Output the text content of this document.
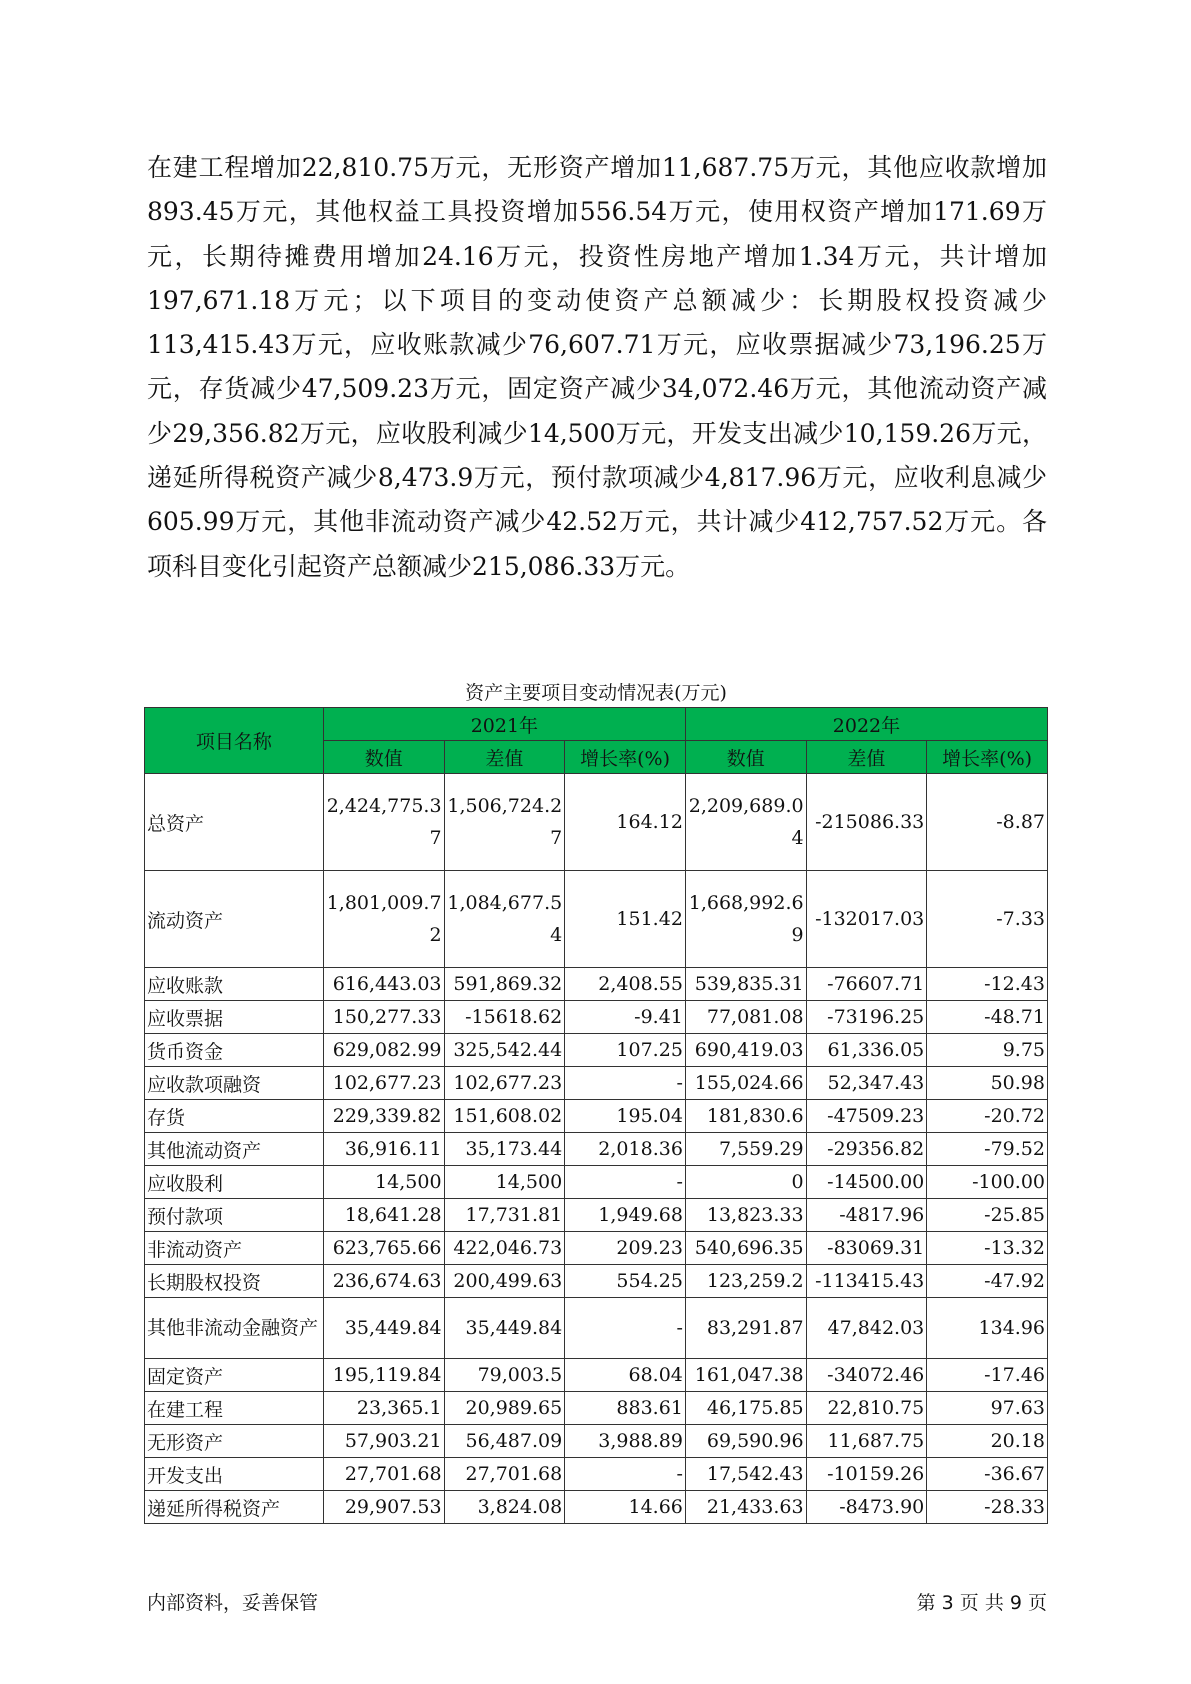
在建工程增加22,810.75万元，无形资产增加11,687.75万元，其他应收款增加893.45万元，其他权益工具投资增加556.54万元，使用权资产增加171.69万元，长期待摊费用增加24.16万元，投资性房地产增加1.34万元，共计增加197,671.18万元；以下项目的变动使资产总额减少：长期股权投资减少113,415.43万元，应收账款减少76,607.71万元，应收票据减少73,196.25万元，存货减少47,509.23万元，固定资产减少34,072.46万元，其他流动资产减少29,356.82万元，应收股利减少14,500万元，开发支出减少10,159.26万元，递延所得税资产减少8,473.9万元，预付款项减少4,817.96万元，应收利息减少605.99万元，其他非流动资产减少42.52万元，共计减少412,757.52万元。各项科目变化引起资产总额减少215,086.33万元。

资产主要项目变动情况表(万元)
项目名称	2021年			2022年		
	数值	差值	增长率(%)	数值	差值	增长率(%)
总资产	2,424,775.37	1,506,724.27	164.12	2,209,689.04	-215086.33	-8.87
流动资产	1,801,009.72	1,084,677.54	151.42	1,668,992.69	-132017.03	-7.33
应收账款	616,443.03	591,869.32	2,408.55	539,835.31	-76607.71	-12.43
应收票据	150,277.33	-15618.62	-9.41	77,081.08	-73196.25	-48.71
货币资金	629,082.99	325,542.44	107.25	690,419.03	61,336.05	9.75
应收款项融资	102,677.23	102,677.23	-	155,024.66	52,347.43	50.98
存货	229,339.82	151,608.02	195.04	181,830.6	-47509.23	-20.72
其他流动资产	36,916.11	35,173.44	2,018.36	7,559.29	-29356.82	-79.52
应收股利	14,500	14,500	-	0	-14500.00	-100.00
预付款项	18,641.28	17,731.81	1,949.68	13,823.33	-4817.96	-25.85
非流动资产	623,765.66	422,046.73	209.23	540,696.35	-83069.31	-13.32
长期股权投资	236,674.63	200,499.63	554.25	123,259.2	-113415.43	-47.92
其他非流动金融资产	35,449.84	35,449.84	-	83,291.87	47,842.03	134.96
固定资产	195,119.84	79,003.5	68.04	161,047.38	-34072.46	-17.46
在建工程	23,365.1	20,989.65	883.61	46,175.85	22,810.75	97.63
无形资产	57,903.21	56,487.09	3,988.89	69,590.96	11,687.75	20.18
开发支出	27,701.68	27,701.68	-	17,542.43	-10159.26	-36.67
递延所得税资产	29,907.53	3,824.08	14.66	21,433.63	-8473.90	-28.33
内部资料，妥善保管	第 3 页 共 9 页
